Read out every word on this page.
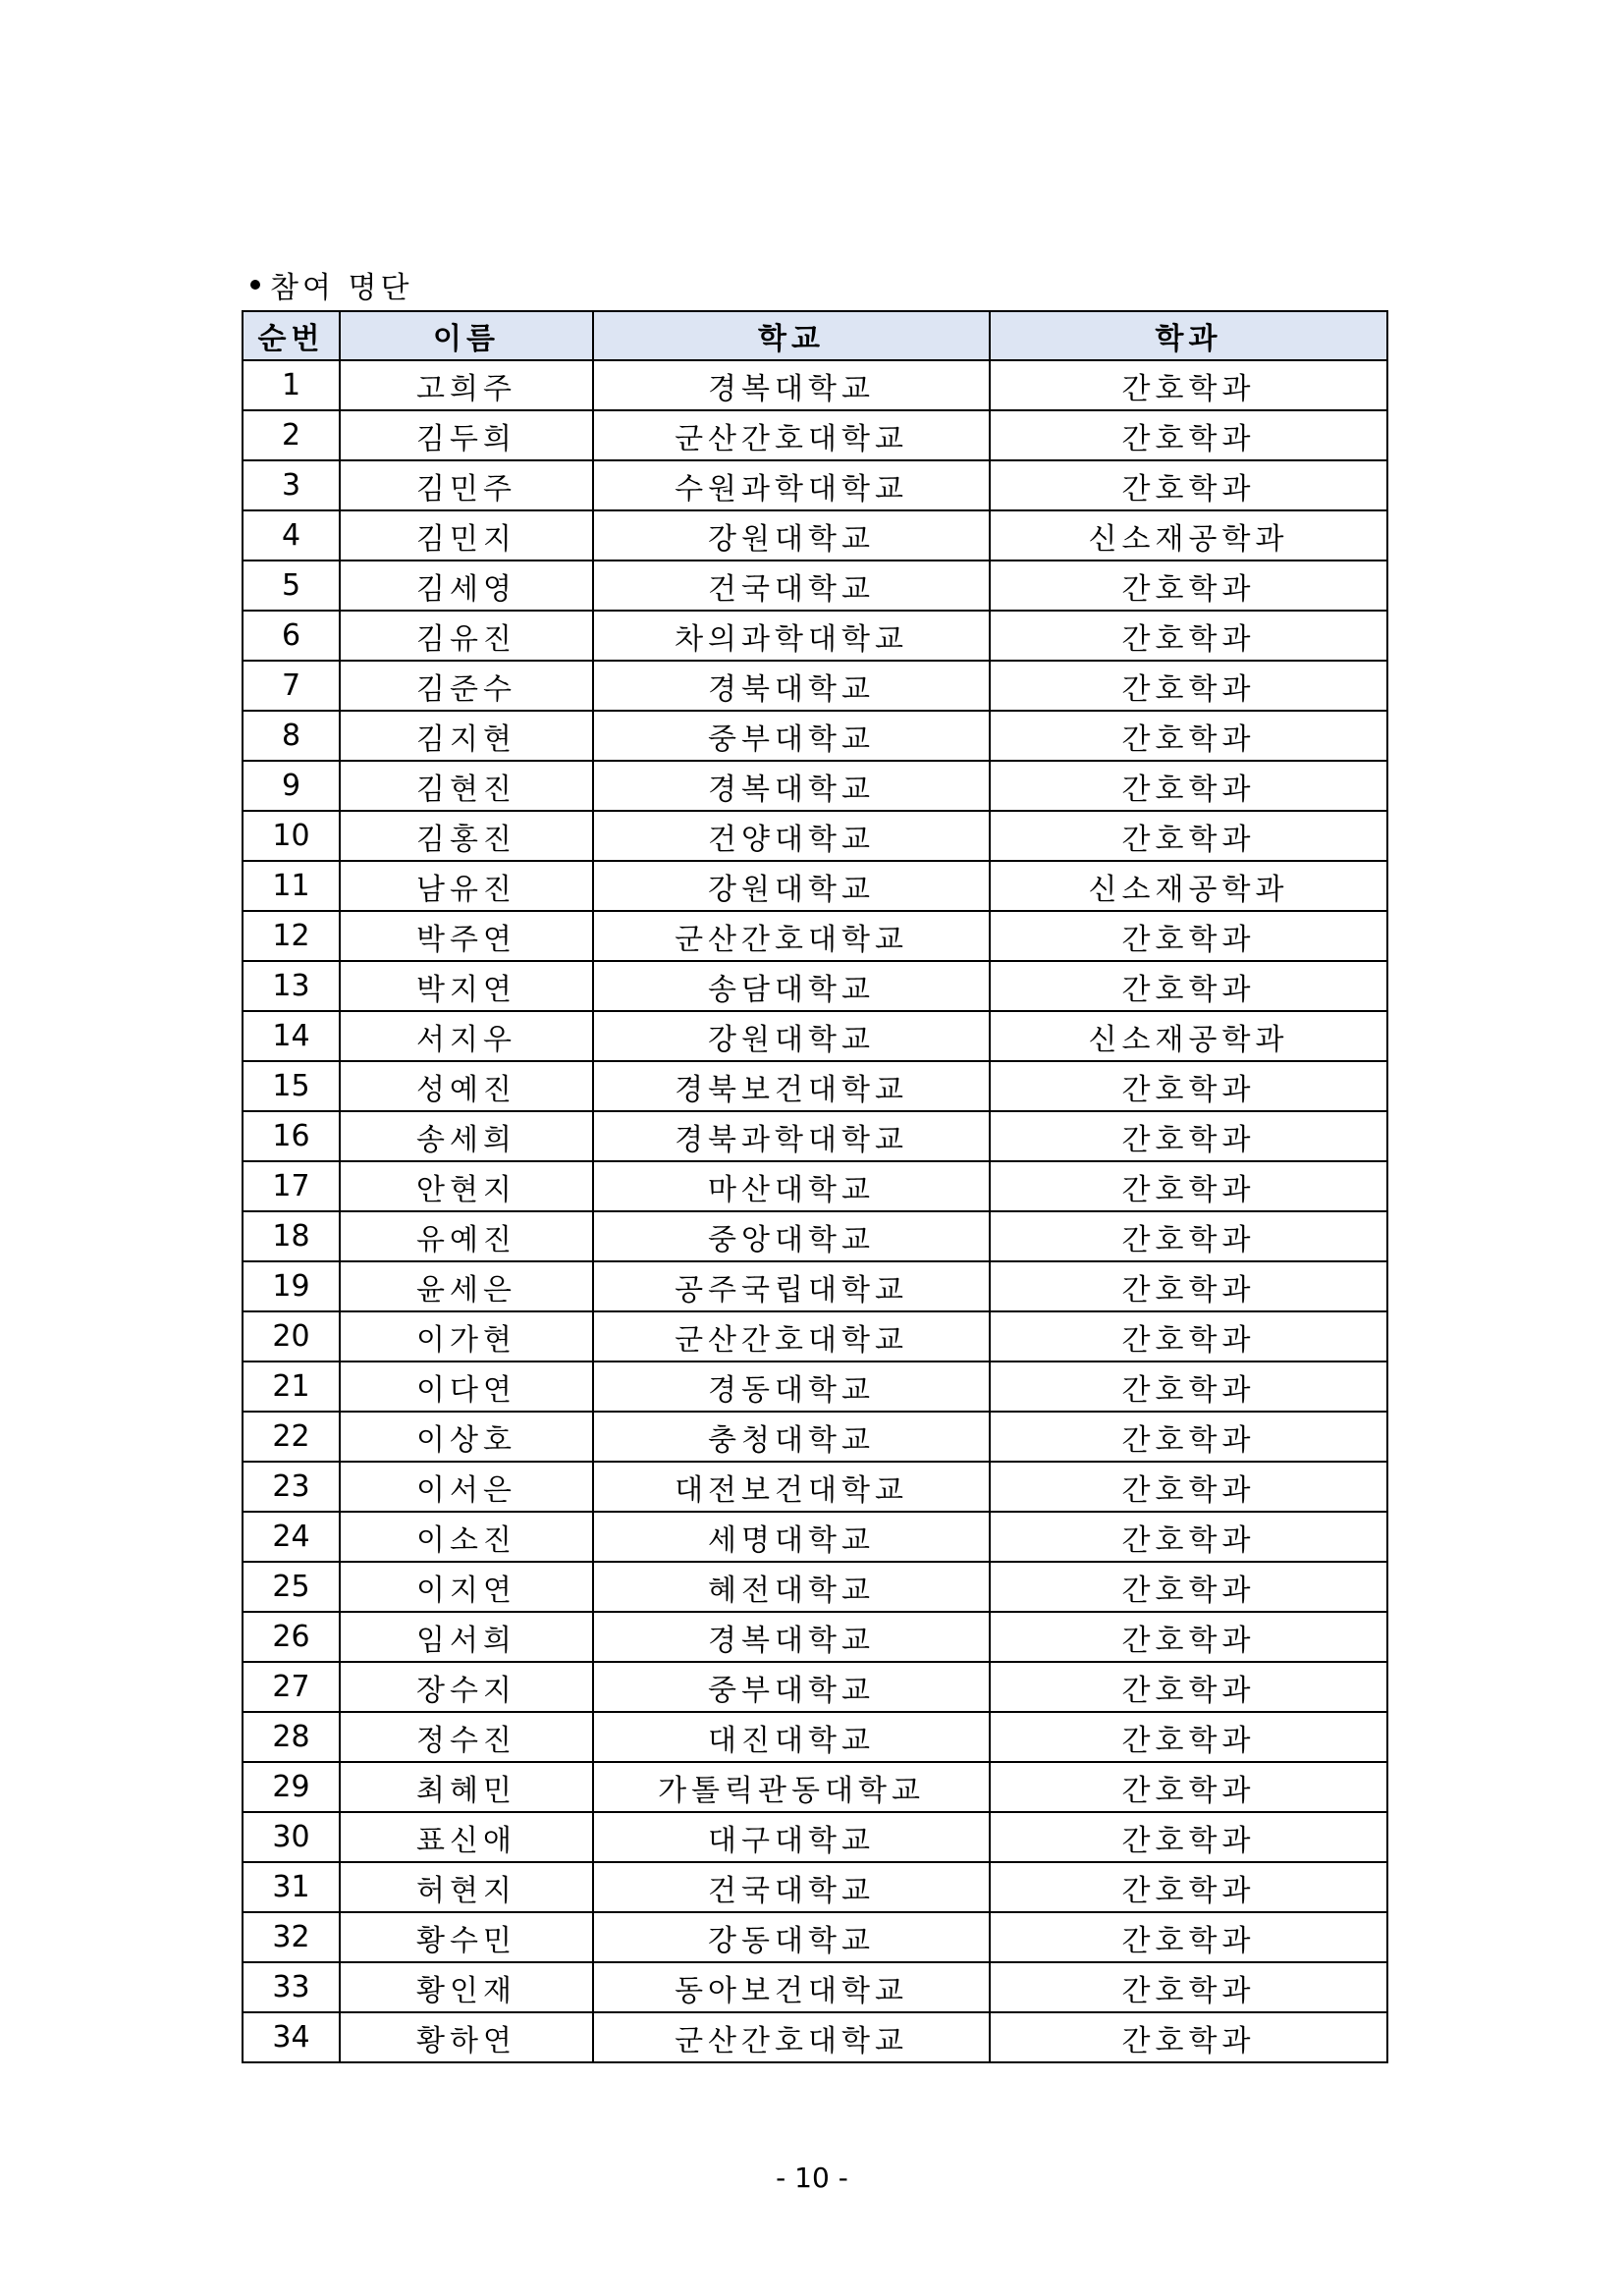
참여 명단
순번	이름	학교	학과
1	고희주	경복대학교	간호학과
2	김두희	군산간호대학교	간호학과
3	김민주	수원과학대학교	간호학과
4	김민지	강원대학교	신소재공학과
5	김세영	건국대학교	간호학과
6	김유진	차의과학대학교	간호학과
7	김준수	경북대학교	간호학과
8	김지현	중부대학교	간호학과
9	김현진	경복대학교	간호학과
10	김홍진	건양대학교	간호학과
11	남유진	강원대학교	신소재공학과
12	박주연	군산간호대학교	간호학과
13	박지연	송담대학교	간호학과
14	서지우	강원대학교	신소재공학과
15	성예진	경북보건대학교	간호학과
16	송세희	경북과학대학교	간호학과
17	안현지	마산대학교	간호학과
18	유예진	중앙대학교	간호학과
19	윤세은	공주국립대학교	간호학과
20	이가현	군산간호대학교	간호학과
21	이다연	경동대학교	간호학과
22	이상호	충청대학교	간호학과
23	이서은	대전보건대학교	간호학과
24	이소진	세명대학교	간호학과
25	이지연	혜전대학교	간호학과
26	임서희	경복대학교	간호학과
27	장수지	중부대학교	간호학과
28	정수진	대진대학교	간호학과
29	최혜민	가톨릭관동대학교	간호학과
30	표신애	대구대학교	간호학과
31	허현지	건국대학교	간호학과
32	황수민	강동대학교	간호학과
33	황인재	동아보건대학교	간호학과
34	황하연	군산간호대학교	간호학과
- 10 -
